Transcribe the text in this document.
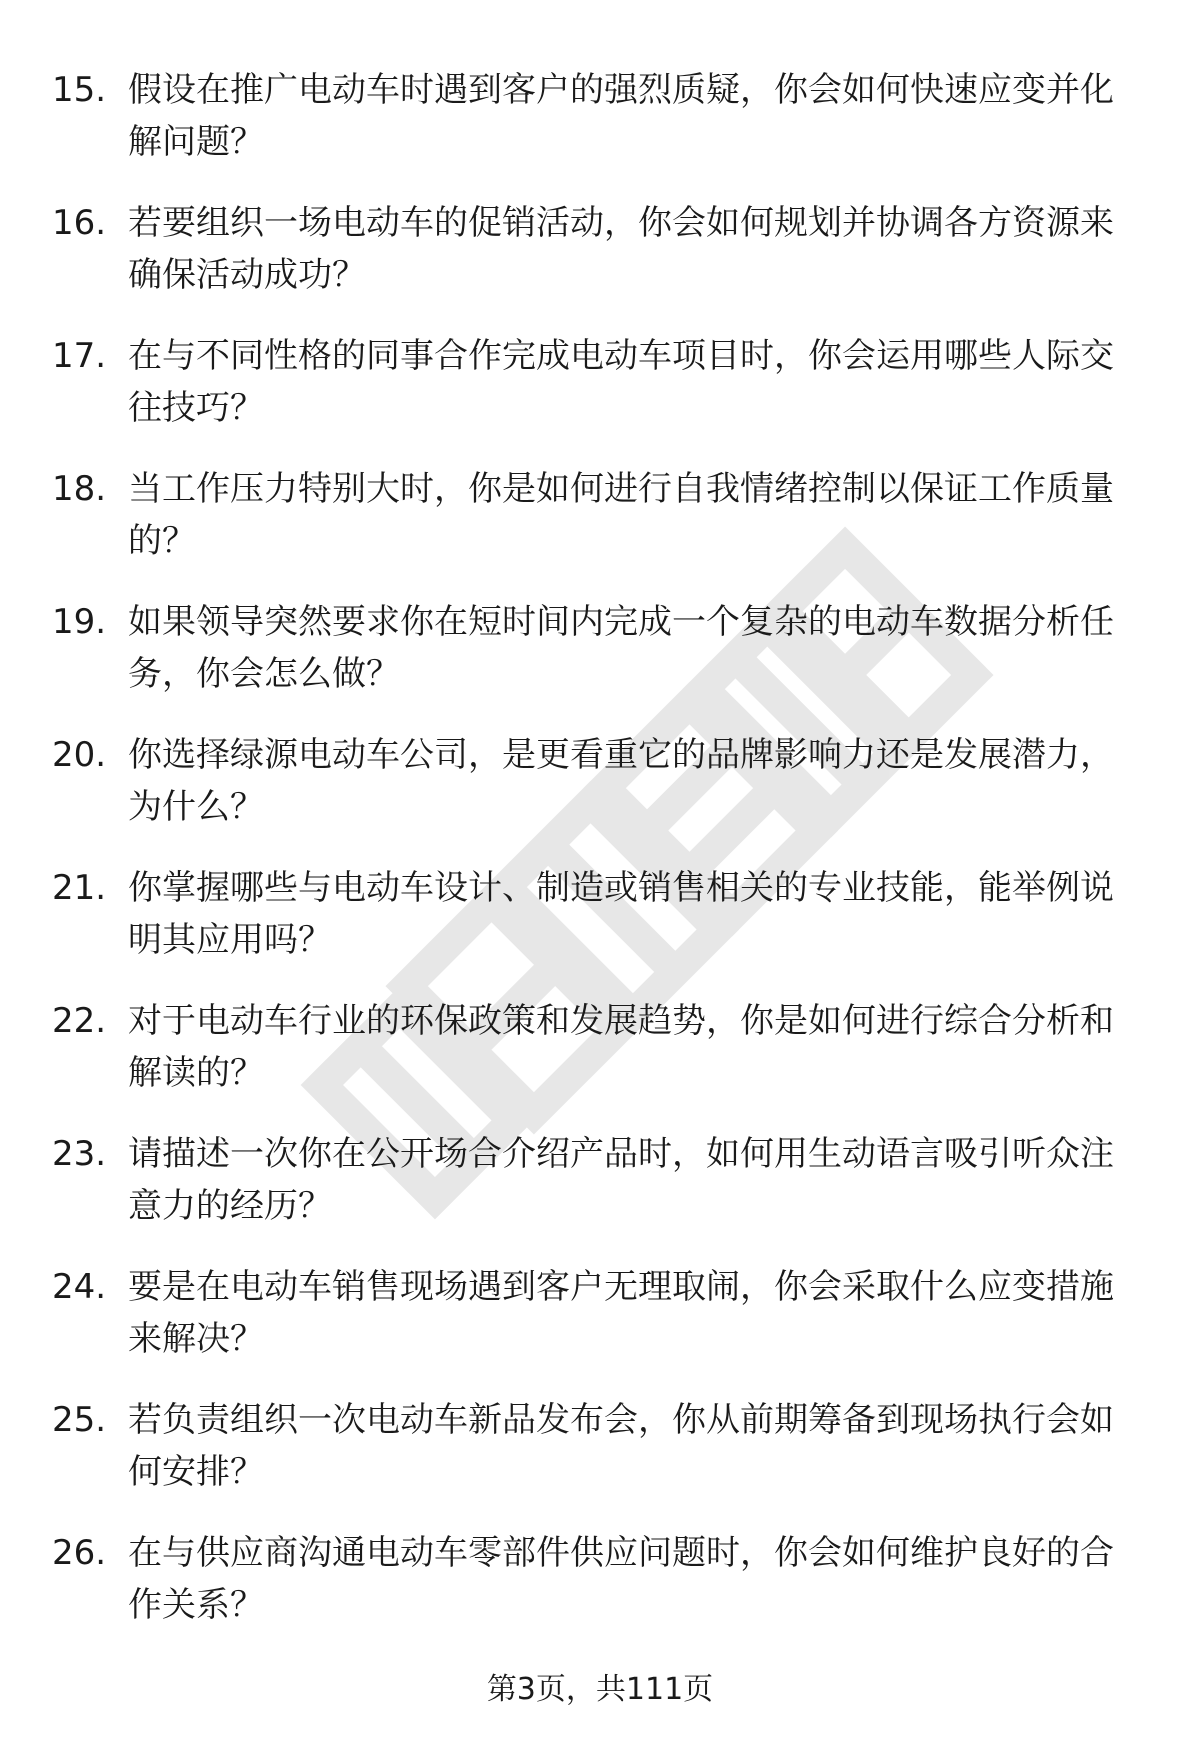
15. 假设在推广电动车时遇到客户的强烈质疑，你会如何快速应变并化解问题？
16. 若要组织一场电动车的促销活动，你会如何规划并协调各方资源来确保活动成功？
17. 在与不同性格的同事合作完成电动车项目时，你会运用哪些人际交往技巧？
18. 当工作压力特别大时，你是如何进行自我情绪控制以保证工作质量的？
19. 如果领导突然要求你在短时间内完成一个复杂的电动车数据分析任务，你会怎么做？
20. 你选择绿源电动车公司，是更看重它的品牌影响力还是发展潜力，为什么？
21. 你掌握哪些与电动车设计、制造或销售相关的专业技能，能举例说明其应用吗？
22. 对于电动车行业的环保政策和发展趋势，你是如何进行综合分析和解读的？
23. 请描述一次你在公开场合介绍产品时，如何用生动语言吸引听众注意力的经历？
24. 要是在电动车销售现场遇到客户无理取闹，你会采取什么应变措施来解决？
25. 若负责组织一次电动车新品发布会，你从前期筹备到现场执行会如何安排？
26. 在与供应商沟通电动车零部件供应问题时，你会如何维护良好的合作关系？
第3页，共111页
